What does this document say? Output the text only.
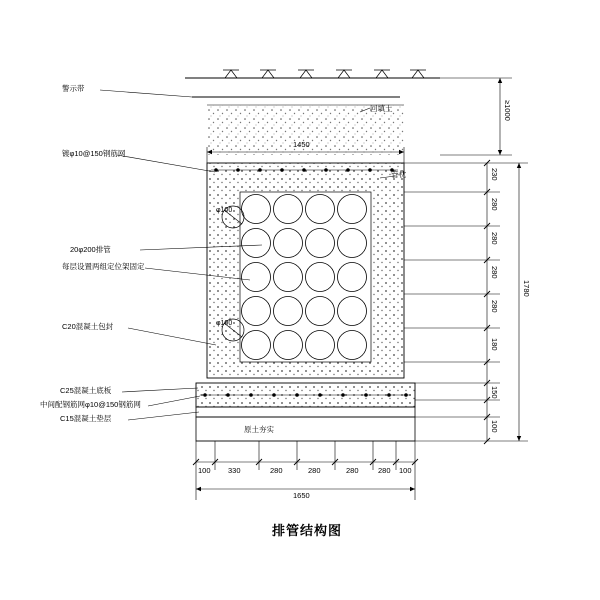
警示带
镀φ10@150钢筋网
20φ200排管
每层设置两组定位架固定
C20混凝土包封
C25混凝土底板
中间配钢筋网φ10@150钢筋网
C15混凝土垫层
原土夯实
回填土
管枕
φ100
φ100
1450
100 330	280	280	280	280 100
1650
230
280
280
280
280
180
150
100
1780
≥1000
排管结构图
